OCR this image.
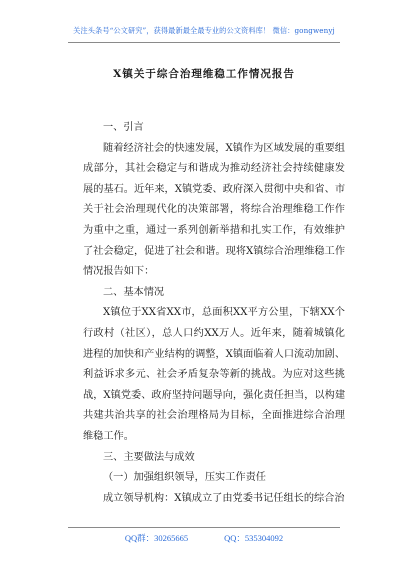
关注头条号“公文研究”，获得最新最全最专业的公文资料库！ 微信：gongwenyj
X镇关于综合治理维稳工作情况报告

一、引言

随着经济社会的快速发展，X镇作为区域发展的重要组成部分，其社会稳定与和谐成为推动经济社会持续健康发展的基石。近年来，X镇党委、政府深入贯彻中央和省、市关于社会治理现代化的决策部署，将综合治理维稳工作作为重中之重，通过一系列创新举措和扎实工作，有效维护了社会稳定，促进了社会和谐。现将X镇综合治理维稳工作情况报告如下：

二、基本情况

X镇位于XX省XX市，总面积XX平方公里，下辖XX个行政村（社区），总人口约XX万人。近年来，随着城镇化进程的加快和产业结构的调整，X镇面临着人口流动加剧、利益诉求多元、社会矛盾复杂等新的挑战。为应对这些挑战，X镇党委、政府坚持问题导向，强化责任担当，以构建共建共治共享的社会治理格局为目标，全面推进综合治理维稳工作。

三、主要做法与成效

（一）加强组织领导，压实工作责任

成立领导机构：X镇成立了由党委书记任组长的综合治

QQ群：30265665	QQ：535304092
